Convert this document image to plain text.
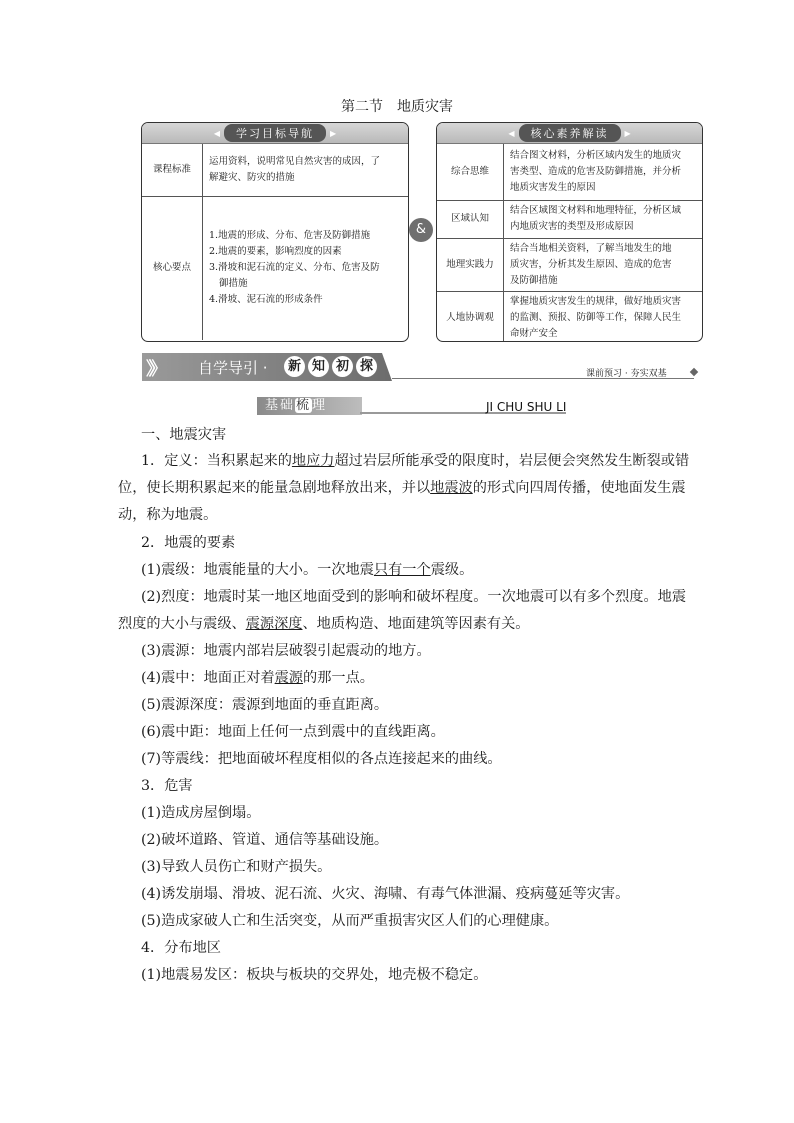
第二节　地质灾害
◀	学习目标导航	▶
课程标准	运用资料，说明常见自然灾害的成因，了
解避灾、防灾的措施

核心要点	1.地震的形成、分布、危害及防御措施
2.地震的要素，影响烈度的因素
3.滑坡和泥石流的定义、分布、危害及防
御措施
4.滑坡、泥石流的形成条件
&
◀	核心素养解读	▶
综合思维	结合图文材料，分析区域内发生的地质灾
害类型、造成的危害及防御措施，并分析
地质灾害发生的原因

区域认知	结合区域图文材料和地理特征，分析区域
内地质灾害的类型及形成原因

地理实践力	结合当地相关资料，了解当地发生的地
质灾害，分析其发生原因、造成的危害
及防御措施

人地协调观	掌握地质灾害发生的规律，做好地质灾害
的监测、预报、防御等工作，保障人民生
命财产安全
》》 自学导引 ·	新 知 初 探	课前预习 · 夯实双基
基础梳理	JI CHU SHU LI
一、地震灾害
1．定义：当积累起来的地应力超过岩层所能承受的限度时，岩层便会突然发生断裂或错
位，使长期积累起来的能量急剧地释放出来，并以地震波的形式向四周传播，使地面发生震
动，称为地震。
2．地震的要素
(1)震级：地震能量的大小。一次地震只有一个震级。
(2)烈度：地震时某一地区地面受到的影响和破坏程度。一次地震可以有多个烈度。地震
烈度的大小与震级、震源深度、地质构造、地面建筑等因素有关。
(3)震源：地震内部岩层破裂引起震动的地方。
(4)震中：地面正对着震源的那一点。
(5)震源深度：震源到地面的垂直距离。
(6)震中距：地面上任何一点到震中的直线距离。
(7)等震线：把地面破坏程度相似的各点连接起来的曲线。
3．危害
(1)造成房屋倒塌。
(2)破坏道路、管道、通信等基础设施。
(3)导致人员伤亡和财产损失。
(4)诱发崩塌、滑坡、泥石流、火灾、海啸、有毒气体泄漏、疫病蔓延等灾害。
(5)造成家破人亡和生活突变，从而严重损害灾区人们的心理健康。
4．分布地区
(1)地震易发区：板块与板块的交界处，地壳极不稳定。
